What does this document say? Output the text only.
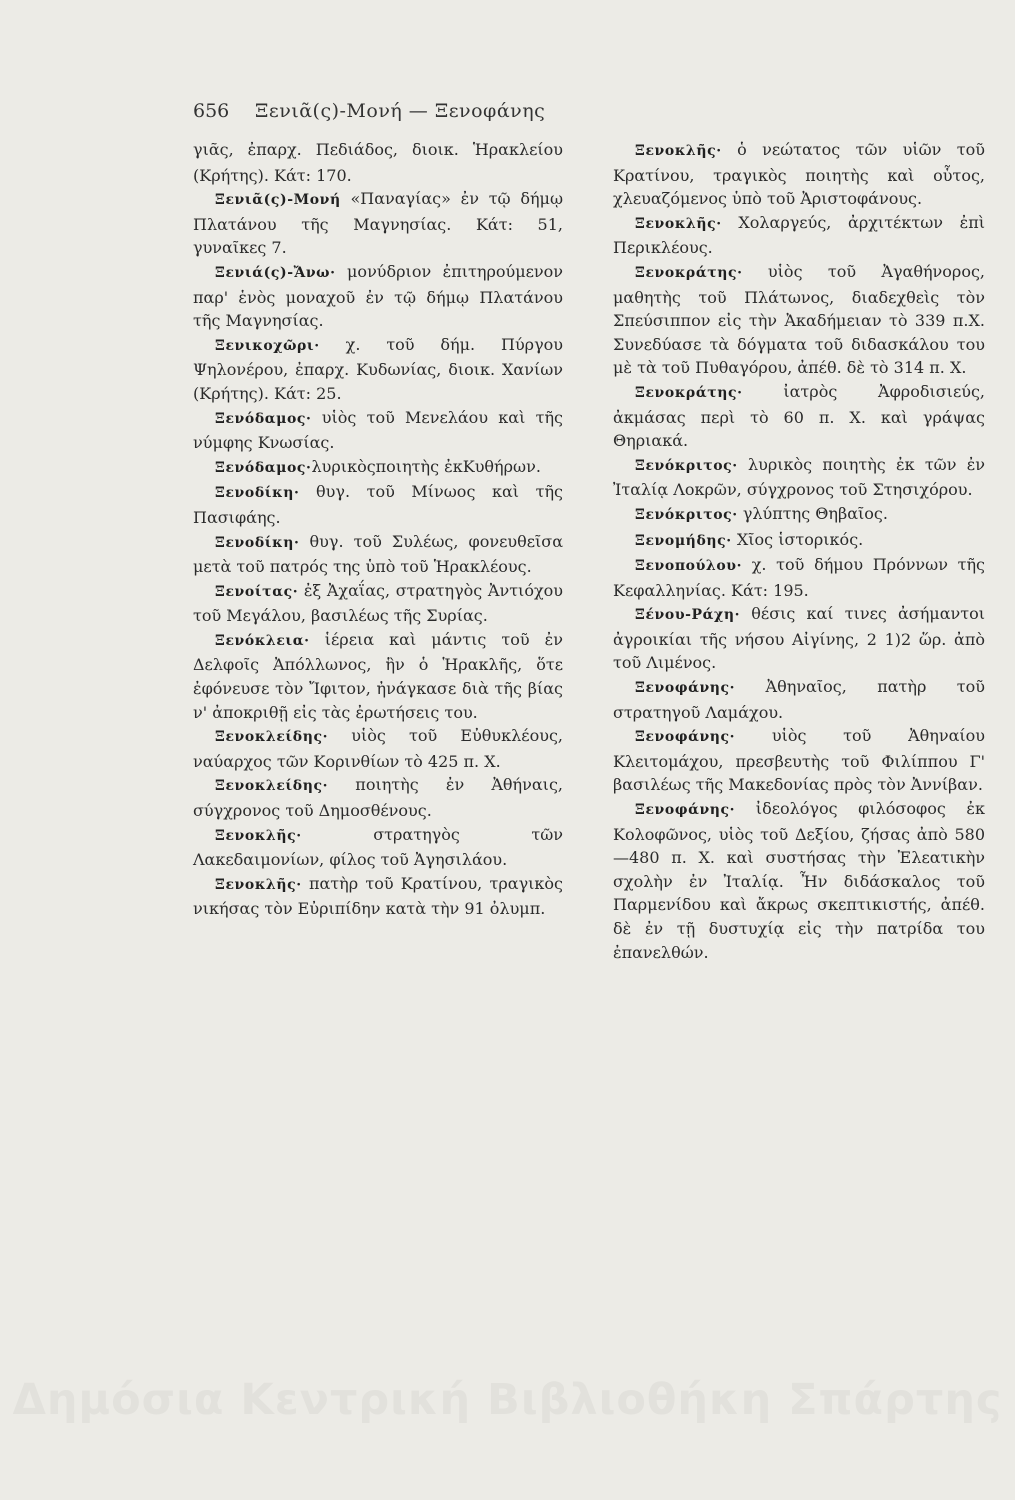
656 Ξενιᾶ(ς)-Μονή — Ξενοφάνης

γιᾶς, ἐπαρχ. Πεδιάδος, διοικ. Ἡρακλείου (Κρήτης). Κάτ: 170.

Ξενιᾶ(ς)-Μονή «Παναγίας» ἐν τῷ δήμῳ Πλατάνου τῆς Μαγνησίας. Κάτ: 51, γυναῖκες 7.

Ξενιά(ς)-Ἄνω· μονύδριον ἐπιτηρούμενον παρ' ἑνὸς μοναχοῦ ἐν τῷ δήμῳ Πλατάνου τῆς Μαγνησίας.

Ξενικοχῶρι· χ. τοῦ δήμ. Πύργου Ψηλονέρου, ἐπαρχ. Κυδωνίας, διοικ. Χανίων (Κρήτης). Κάτ: 25.

Ξενόδαμος· υἱὸς τοῦ Μενελάου καὶ τῆς νύμφης Κνωσίας.

Ξενόδαμος·λυρικὸςποιητὴς ἐκΚυθήρων.

Ξενοδίκη· θυγ. τοῦ Μίνωος καὶ τῆς Πασιφάης.

Ξενοδίκη· θυγ. τοῦ Συλέως, φονευθεῖσα μετὰ τοῦ πατρός της ὑπὸ τοῦ Ἡρακλέους.

Ξενοίτας· ἐξ Ἀχαΐας, στρατηγὸς Ἀντιόχου τοῦ Μεγάλου, βασιλέως τῆς Συρίας.

Ξενόκλεια· ἱέρεια καὶ μάντις τοῦ ἐν Δελφοῖς Ἀπόλλωνος, ἣν ὁ Ἡρακλῆς, ὅτε ἐφόνευσε τὸν Ἴφιτον, ἠνάγκασε διὰ τῆς βίας ν' ἀποκριθῇ εἰς τὰς ἐρωτήσεις του.

Ξενοκλείδης· υἱὸς τοῦ Εὐθυκλέους, ναύαρχος τῶν Κορινθίων τὸ 425 π. Χ.

Ξενοκλείδης· ποιητὴς ἐν Ἀθήναις, σύγχρονος τοῦ Δημοσθένους.

Ξενοκλῆς· στρατηγὸς τῶν Λακεδαιμονίων, φίλος τοῦ Ἀγησιλάου.

Ξενοκλῆς· πατὴρ τοῦ Κρατίνου, τραγικὸς νικήσας τὸν Εὐριπίδην κατὰ τὴν 91 ὀλυμπ.

Ξενοκλῆς· ὁ νεώτατος τῶν υἱῶν τοῦ Κρατίνου, τραγικὸς ποιητὴς καὶ οὗτος, χλευαζόμενος ὑπὸ τοῦ Ἀριστοφάνους.

Ξενοκλῆς· Χολαργεύς, ἀρχιτέκτων ἐπὶ Περικλέους.

Ξενοκράτης· υἱὸς τοῦ Ἀγαθήνορος, μαθητὴς τοῦ Πλάτωνος, διαδεχθεὶς τὸν Σπεύσιππον εἰς τὴν Ἀκαδήμειαν τὸ 339 π.Χ. Συνεδύασε τὰ δόγματα τοῦ διδασκάλου του μὲ τὰ τοῦ Πυθαγόρου, ἀπέθ. δὲ τὸ 314 π. Χ.

Ξενοκράτης· ἰατρὸς Ἀφροδισιεύς, ἀκμάσας περὶ τὸ 60 π. Χ. καὶ γράψας Θηριακά.

Ξενόκριτος· λυρικὸς ποιητὴς ἐκ τῶν ἐν Ἰταλίᾳ Λοκρῶν, σύγχρονος τοῦ Στησιχόρου.

Ξενόκριτος· γλύπτης Θηβαῖος.

Ξενομήδης· Χῖος ἱστορικός.

Ξενοπούλου· χ. τοῦ δήμου Πρόννων τῆς Κεφαλληνίας. Κάτ: 195.

Ξένου-Ράχη· θέσις καί τινες ἀσήμαντοι ἀγροικίαι τῆς νήσου Αἰγίνης, 2 1)2 ὥρ. ἀπὸ τοῦ Λιμένος.

Ξενοφάνης· Ἀθηναῖος, πατὴρ τοῦ στρατηγοῦ Λαμάχου.

Ξενοφάνης· υἱὸς τοῦ Ἀθηναίου Κλειτομάχου, πρεσβευτὴς τοῦ Φιλίππου Γ' βασιλέως τῆς Μακεδονίας πρὸς τὸν Ἀννίβαν.

Ξενοφάνης· ἰδεολόγος φιλόσοφος ἐκ Κολοφῶνος, υἱὸς τοῦ Δεξίου, ζήσας ἀπὸ 580—480 π. Χ. καὶ συστήσας τὴν Ἐλεατικὴν σχολὴν ἐν Ἰταλίᾳ. Ἦν διδάσκαλος τοῦ Παρμενίδου καὶ ἄκρως σκεπτικιστής, ἀπέθ. δὲ ἐν τῇ δυστυχίᾳ εἰς τὴν πατρίδα του ἐπανελθών.

Δημόσια Κεντρική Βιβλιοθήκη Σπάρτης
